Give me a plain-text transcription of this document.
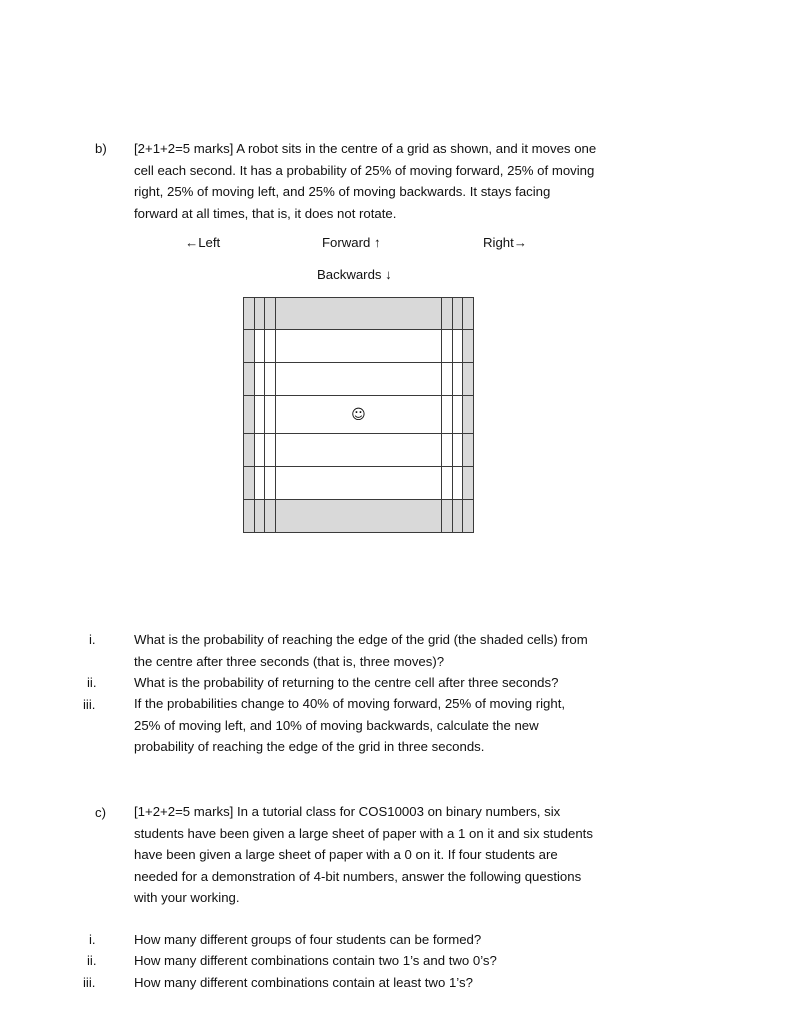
b) [2+1+2=5 marks] A robot sits in the centre of a grid as shown, and it moves one
cell each second. It has a probability of 25% of moving forward, 25% of moving
right, 25% of moving left, and 25% of moving backwards. It stays facing
forward at all times, that is, it does not rotate.
←Left	Forward ↑	Right→
Backwards ↓

			☺			

i.	What is the probability of reaching the edge of the grid (the shaded cells) from
the centre after three seconds (that is, three moves)?
ii.	What is the probability of returning to the centre cell after three seconds?
iii.	If the probabilities change to 40% of moving forward, 25% of moving right,
25% of moving left, and 10% of moving backwards, calculate the new
probability of reaching the edge of the grid in three seconds.
c) [1+2+2=5 marks] In a tutorial class for COS10003 on binary numbers, six
students have been given a large sheet of paper with a 1 on it and six students
have been given a large sheet of paper with a 0 on it. If four students are
needed for a demonstration of 4-bit numbers, answer the following questions
with your working.
i.	How many different groups of four students can be formed?
ii.	How many different combinations contain two 1’s and two 0’s?
iii.	How many different combinations contain at least two 1’s?
